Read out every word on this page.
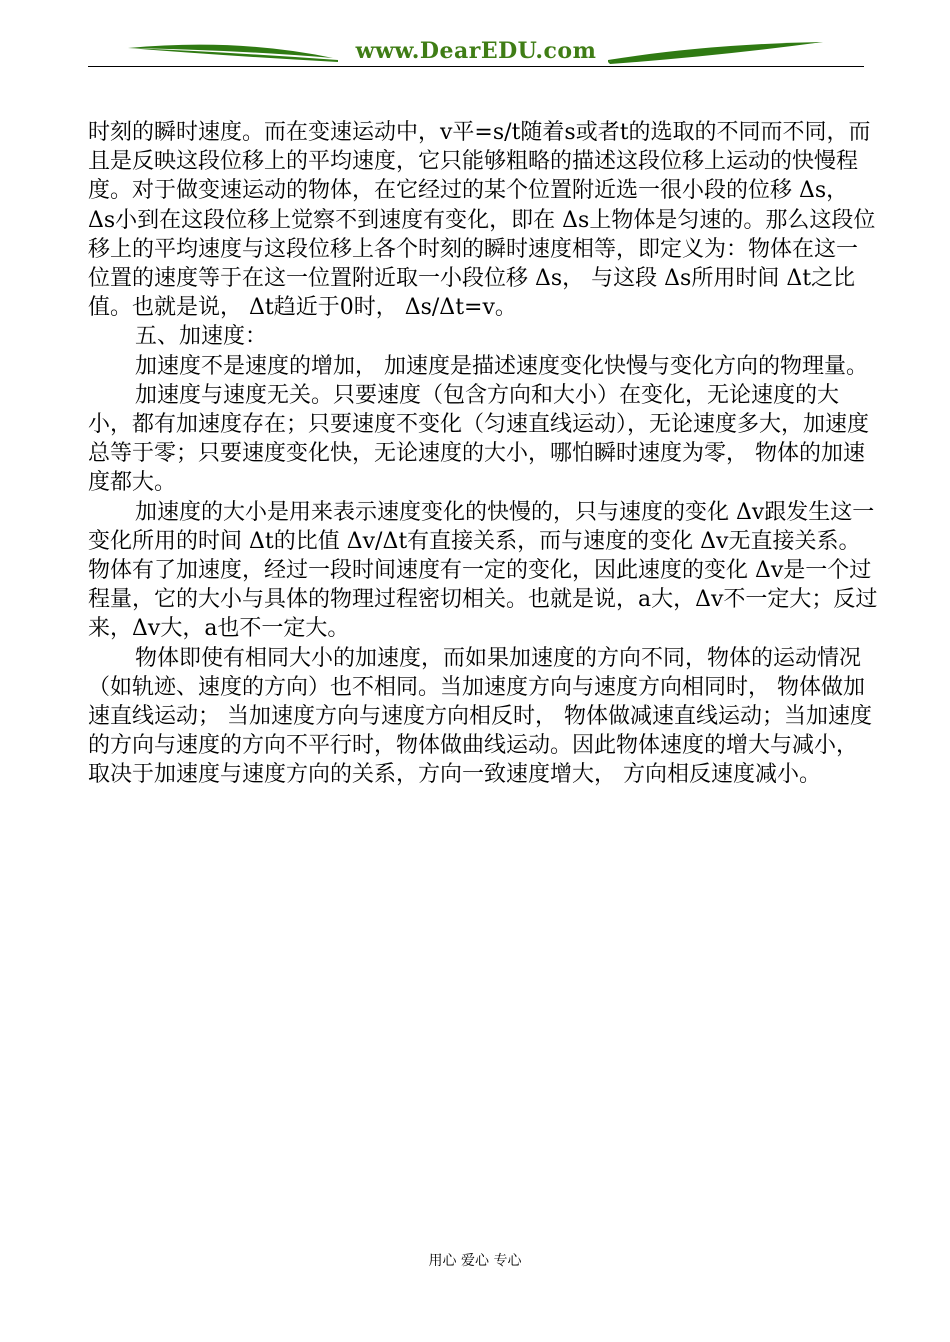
www.DearEDU.com

时刻的瞬时速度。而在变速运动中，v平=s/t随着s或者t的选取的不同而不同，而且是反映这段位移上的平均速度，它只能够粗略的描述这段位移上运动的快慢程度。对于做变速运动的物体，在它经过的某个位置附近选一很小段的位移 Δs， Δs小到在这段位移上觉察不到速度有变化，即在 Δs上物体是匀速的。那么这段位移上的平均速度与这段位移上各个时刻的瞬时速度相等，即定义为：物体在这一位置的速度等于在这一位置附近取一小段位移 Δs， 与这段 Δs所用时间 Δt之比值。也就是说， Δt趋近于0时， Δs/Δt=v。

五、加速度：

加速度不是速度的增加， 加速度是描述速度变化快慢与变化方向的物理量。

加速度与速度无关。只要速度（包含方向和大小）在变化，无论速度的大小，都有加速度存在；只要速度不变化（匀速直线运动），无论速度多大，加速度总等于零；只要速度变化快，无论速度的大小，哪怕瞬时速度为零， 物体的加速度都大。

加速度的大小是用来表示速度变化的快慢的，只与速度的变化 Δv跟发生这一变化所用的时间 Δt的比值 Δv/Δt有直接关系，而与速度的变化 Δv无直接关系。物体有了加速度，经过一段时间速度有一定的变化，因此速度的变化 Δv是一个过程量，它的大小与具体的物理过程密切相关。也就是说，a大，Δv不一定大；反过来，Δv大，a也不一定大。

物体即使有相同大小的加速度，而如果加速度的方向不同，物体的运动情况（如轨迹、速度的方向）也不相同。当加速度方向与速度方向相同时， 物体做加速直线运动； 当加速度方向与速度方向相反时， 物体做减速直线运动；当加速度的方向与速度的方向不平行时，物体做曲线运动。因此物体速度的增大与减小，取决于加速度与速度方向的关系，方向一致速度增大， 方向相反速度减小。

用心 爱心 专心
